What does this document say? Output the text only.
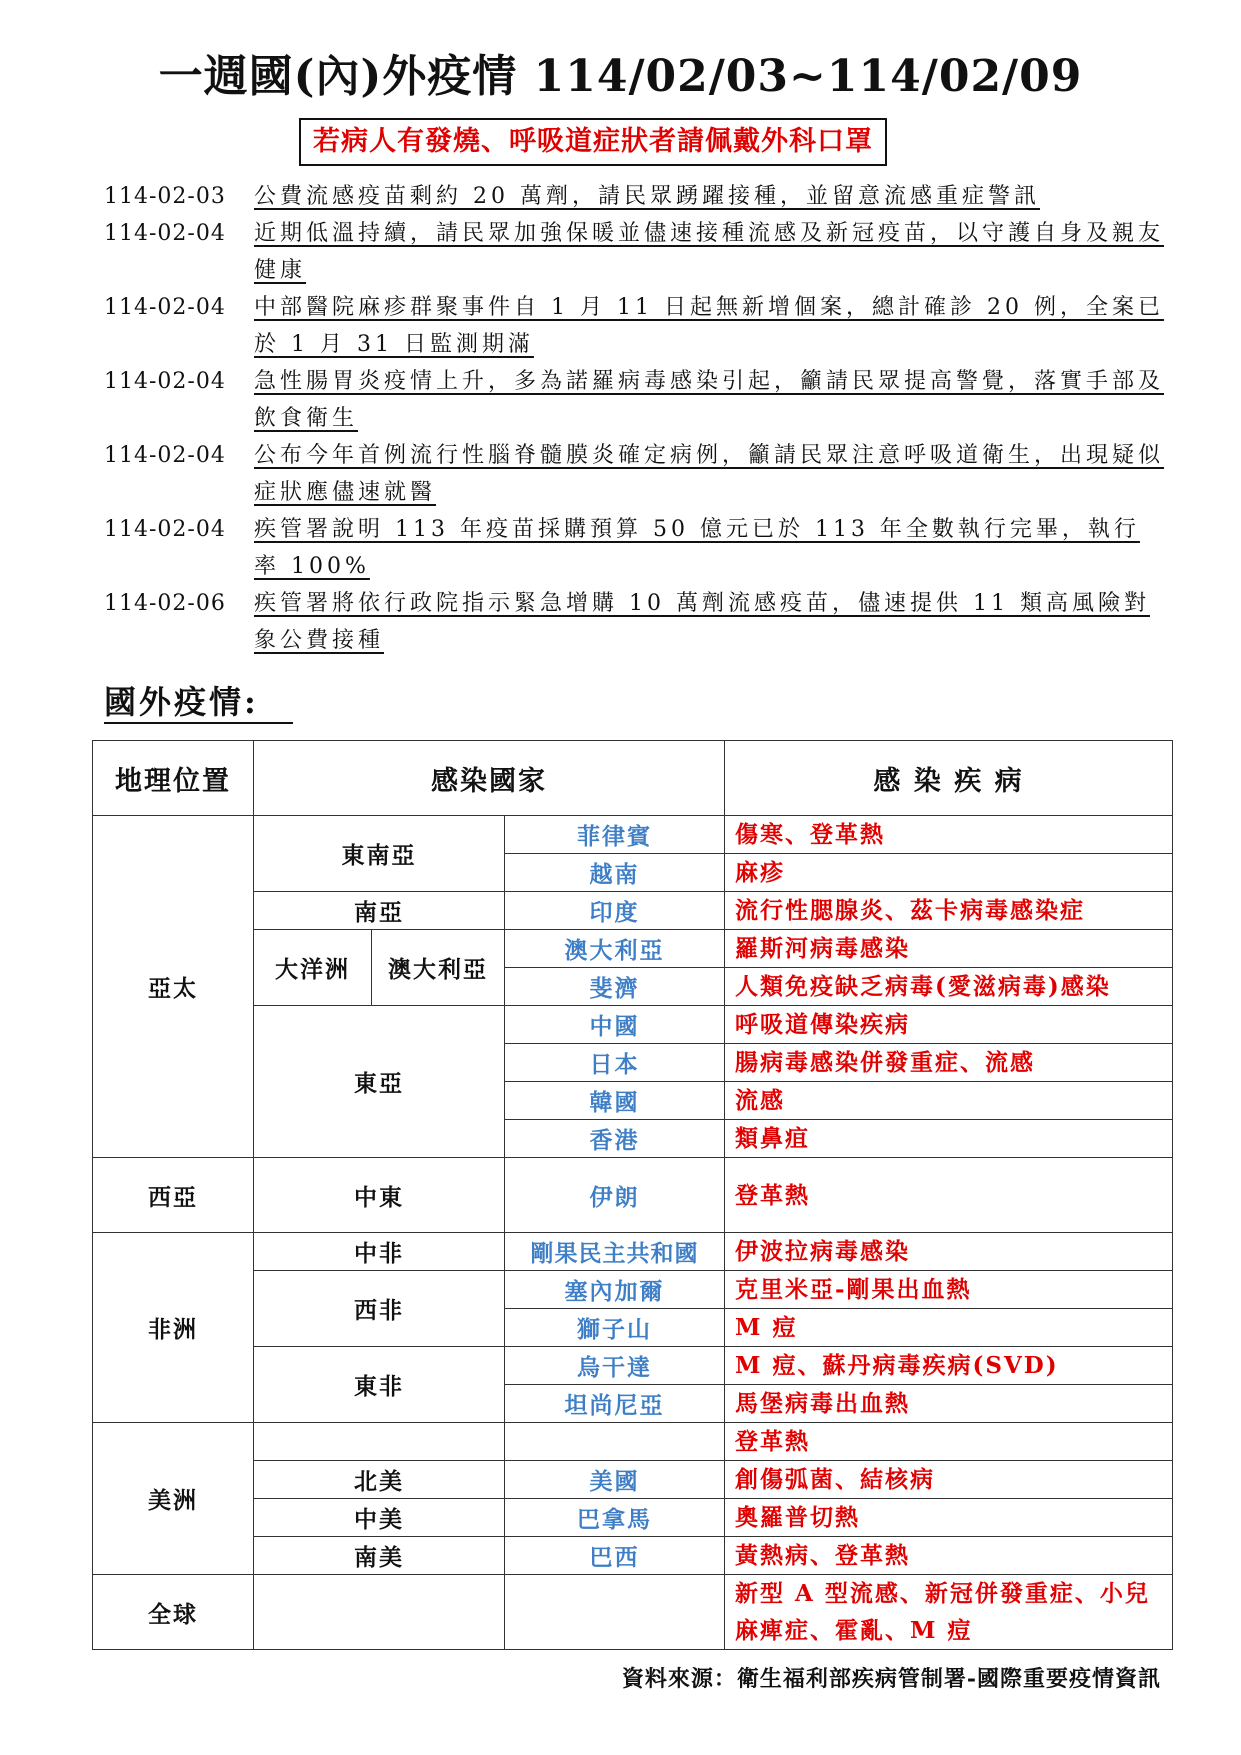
一週國(內)外疫情 114/02/03~114/02/09
若病人有發燒、呼吸道症狀者請佩戴外科口罩
114-02-03	公費流感疫苗剩約 20 萬劑，請民眾踴躍接種，並留意流感重症警訊
114-02-04	近期低溫持續，請民眾加強保暖並儘速接種流感及新冠疫苗，以守護自身及親友健康
114-02-04	中部醫院麻疹群聚事件自 1 月 11 日起無新增個案，總計確診 20 例，全案已於 1 月 31 日監測期滿
114-02-04	急性腸胃炎疫情上升，多為諾羅病毒感染引起，籲請民眾提高警覺，落實手部及飲食衛生
114-02-04	公布今年首例流行性腦脊髓膜炎確定病例，籲請民眾注意呼吸道衛生，出現疑似症狀應儘速就醫
114-02-04	疾管署說明 113 年疫苗採購預算 50 億元已於 113 年全數執行完畢，執行率 100%
114-02-06	疾管署將依行政院指示緊急增購 10 萬劑流感疫苗，儘速提供 11 類高風險對象公費接種
國外疫情:
地理位置	感染國家			感 染 疾 病
亞太	東南亞		菲律賓	傷寒、登革熱
			越南	麻疹
	南亞		印度	流行性腮腺炎、茲卡病毒感染症
	大洋洲	澳大利亞	澳大利亞	羅斯河病毒感染
			斐濟	人類免疫缺乏病毒(愛滋病毒)感染
	東亞		中國	呼吸道傳染疾病
			日本	腸病毒感染併發重症、流感
			韓國	流感
			香港	類鼻疽
西亞	中東		伊朗	登革熱
非洲	中非		剛果民主共和國	伊波拉病毒感染
	西非		塞內加爾	克里米亞-剛果出血熱
			獅子山	M 痘
	東非		烏干達	M 痘、蘇丹病毒疾病(SVD)
			坦尚尼亞	馬堡病毒出血熱
美洲				登革熱
	北美		美國	創傷弧菌、結核病
	中美		巴拿馬	奧羅普切熱
	南美		巴西	黃熱病、登革熱
全球				新型 A 型流感、新冠併發重症、小兒麻痺症、霍亂、M 痘
資料來源：衛生福利部疾病管制署-國際重要疫情資訊
